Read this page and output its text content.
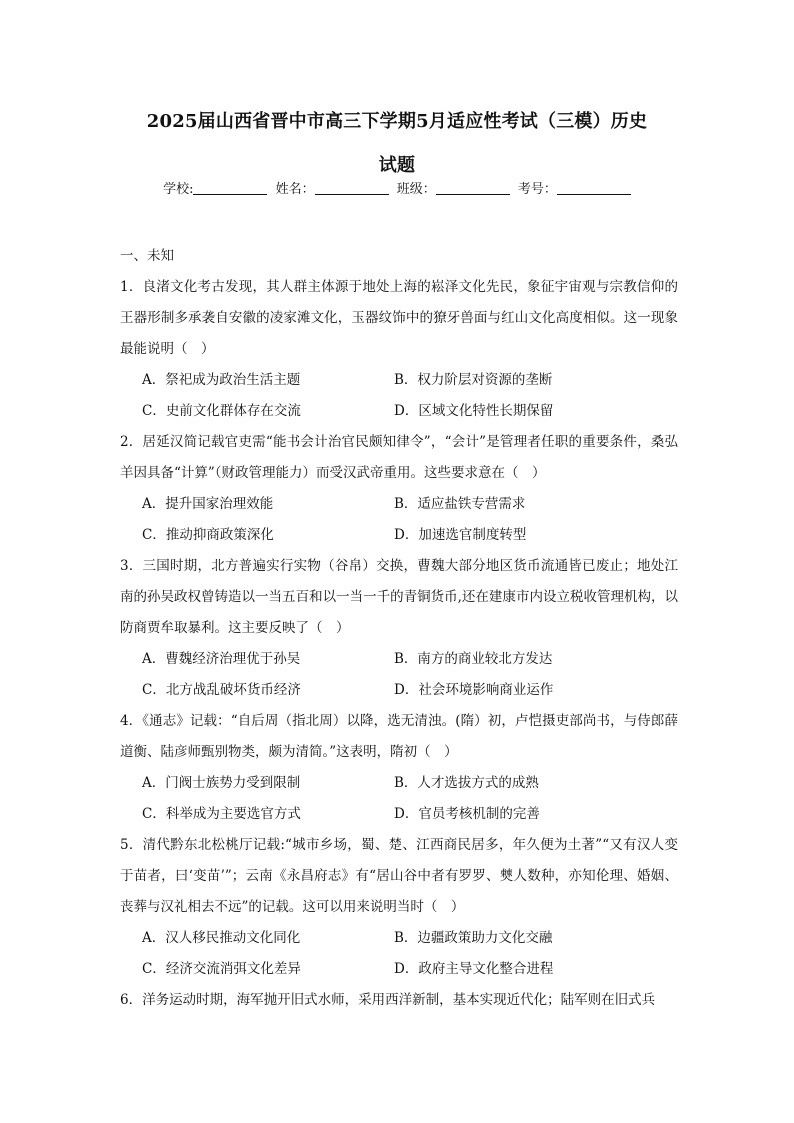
2025届山西省晋中市高三下学期5月适应性考试（三模）历史
试题
学校:	姓名：	班级：	考号：

一、未知

1．良渚文化考古发现，其人群主体源于地处上海的崧泽文化先民，象征宇宙观与宗教信仰的王器形制多承袭自安徽的凌家滩文化，玉器纹饰中的獠牙兽面与红山文化高度相似。这一现象最能说明（　）

A．祭祀成为政治生活主题	B．权力阶层对资源的垄断
C．史前文化群体存在交流	D．区域文化特性长期保留

2．居延汉简记载官吏需“能书会计治官民颇知律令”，“会计”是管理者任职的重要条件，桑弘羊因具备“计算”（财政管理能力）而受汉武帝重用。这些要求意在（　）

A．提升国家治理效能	B．适应盐铁专营需求
C．推动抑商政策深化	D．加速选官制度转型

3．三国时期，北方普遍实行实物（谷帛）交换，曹魏大部分地区货币流通皆已废止；地处江南的孙吴政权曾铸造以一当五百和以一当一千的青铜货币,还在建康市内设立税收管理机构，以防商贾牟取暴利。这主要反映了（　）

A．曹魏经济治理优于孙吴	B．南方的商业较北方发达
C．北方战乱破坏货币经济	D．社会环境影响商业运作

4．《通志》记载：“自后周（指北周）以降，选无清浊。(隋）初，卢恺摄吏部尚书，与侍郎薛道衡、陆彦师甄别物类，颇为清简。”这表明，隋初（　）

A．门阀士族势力受到限制	B．人才选拔方式的成熟
C．科举成为主要选官方式	D．官员考核机制的完善

5．清代黔东北松桃厅记载:“城市乡场，蜀、楚、江西商民居多，年久便为土著”“又有汉人变于苗者，曰‘变苗’”；云南《永昌府志》有“居山谷中者有罗罗、僰人数种，亦知伦理、婚姻、丧葬与汉礼相去不远”的记载。这可以用来说明当时（　）

A．汉人移民推动文化同化	B．边疆政策助力文化交融
C．经济交流消弭文化差异	D．政府主导文化整合进程

6．洋务运动时期，海军抛开旧式水师，采用西洋新制，基本实现近代化；陆军则在旧式兵
